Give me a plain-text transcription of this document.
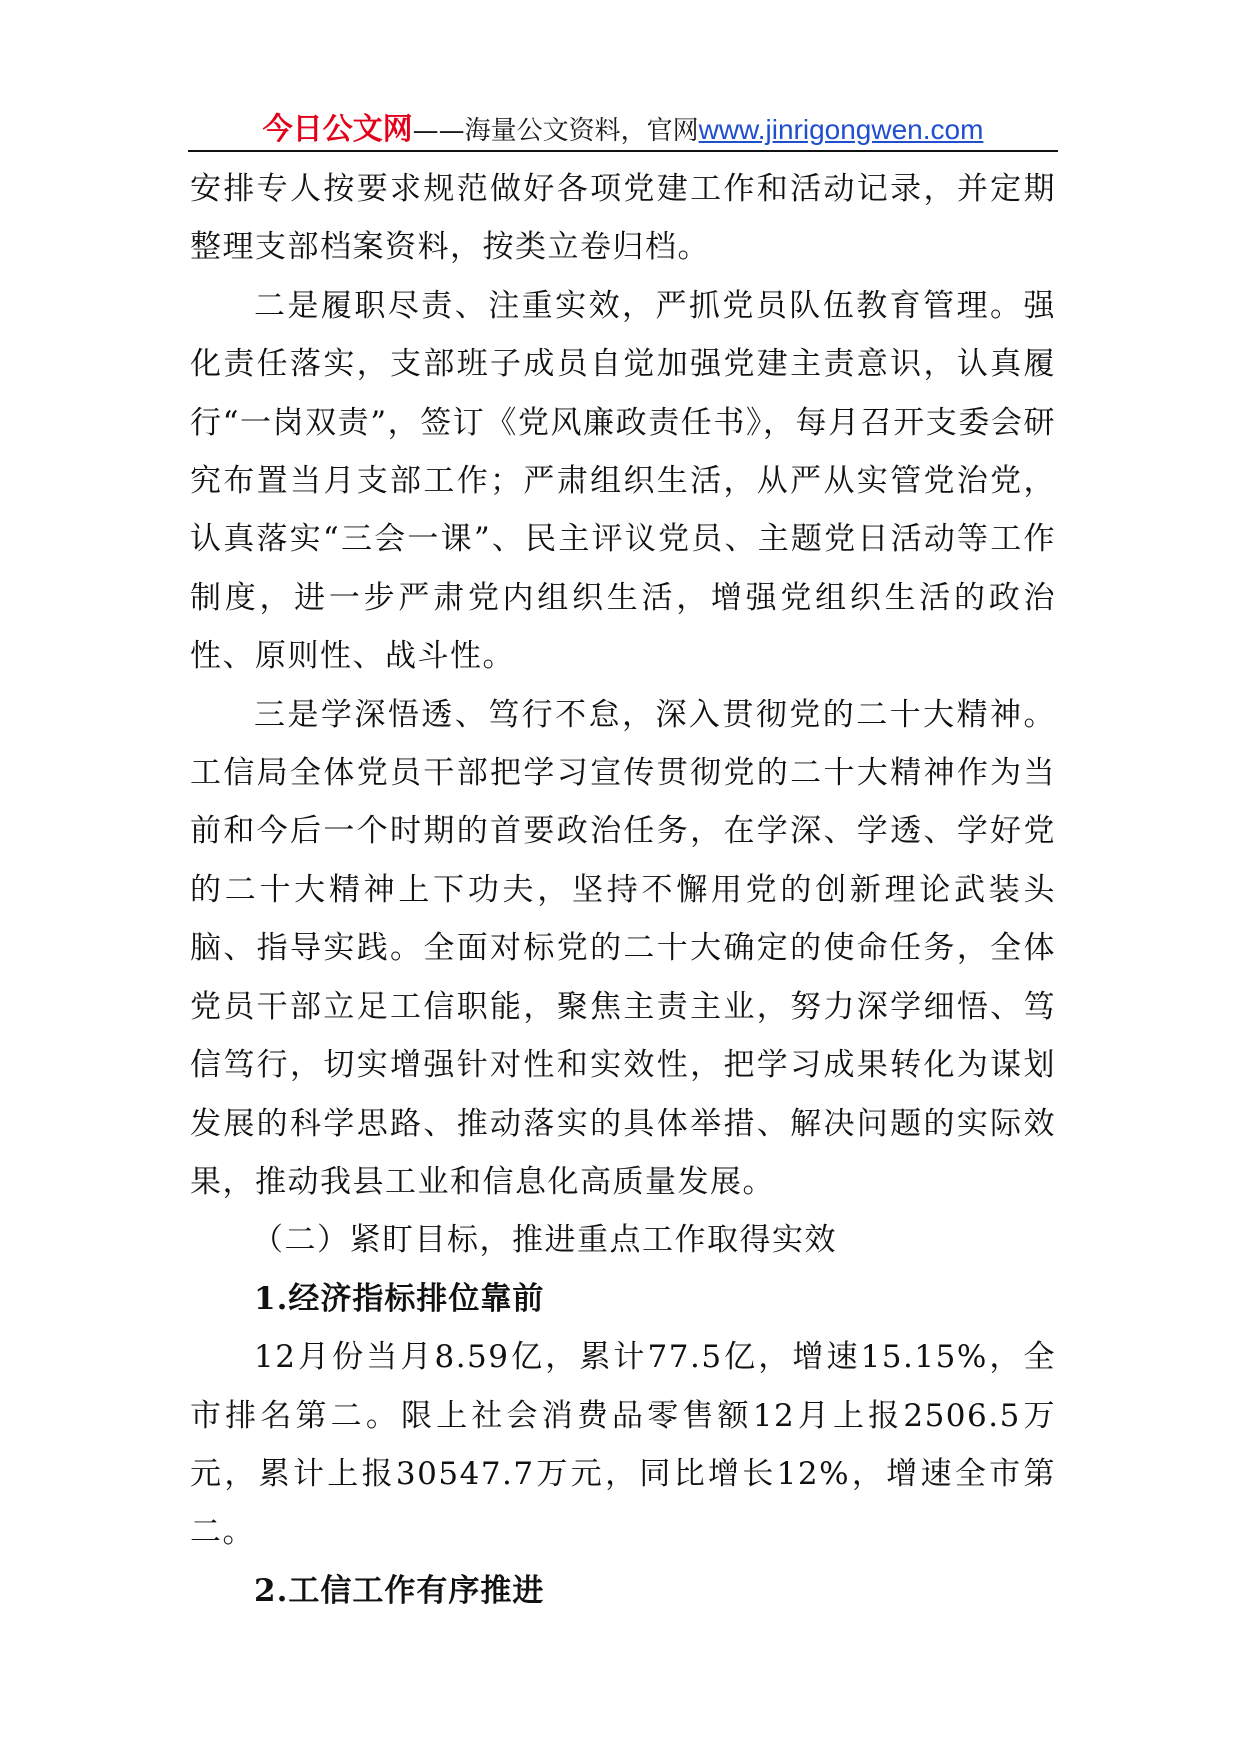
今日公文网 ——海量公文资料，官网 www.jinrigongwen.com

安排专人按要求规范做好各项党建工作和活动记录，并定期整理支部档案资料，按类立卷归档。

二是履职尽责、注重实效，严抓党员队伍教育管理。强化责任落实，支部班子成员自觉加强党建主责意识，认真履行“一岗双责”，签订《党风廉政责任书》，每月召开支委会研究布置当月支部工作；严肃组织生活，从严从实管党治党，认真落实“三会一课”、民主评议党员、主题党日活动等工作制度，进一步严肃党内组织生活，增强党组织生活的政治性、原则性、战斗性。

三是学深悟透、笃行不怠，深入贯彻党的二十大精神。工信局全体党员干部把学习宣传贯彻党的二十大精神作为当前和今后一个时期的首要政治任务，在学深、学透、学好党的二十大精神上下功夫，坚持不懈用党的创新理论武装头脑、指导实践。全面对标党的二十大确定的使命任务，全体党员干部立足工信职能，聚焦主责主业，努力深学细悟、笃信笃行，切实增强针对性和实效性，把学习成果转化为谋划发展的科学思路、推动落实的具体举措、解决问题的实际效果，推动我县工业和信息化高质量发展。

（二）紧盯目标，推进重点工作取得实效

1.经济指标排位靠前

12月份当月8.59亿，累计77.5亿，增速15.15%，全市排名第二。限上社会消费品零售额12月上报2506.5万元，累计上报30547.7万元，同比增长12%，增速全市第二。

2.工信工作有序推进
